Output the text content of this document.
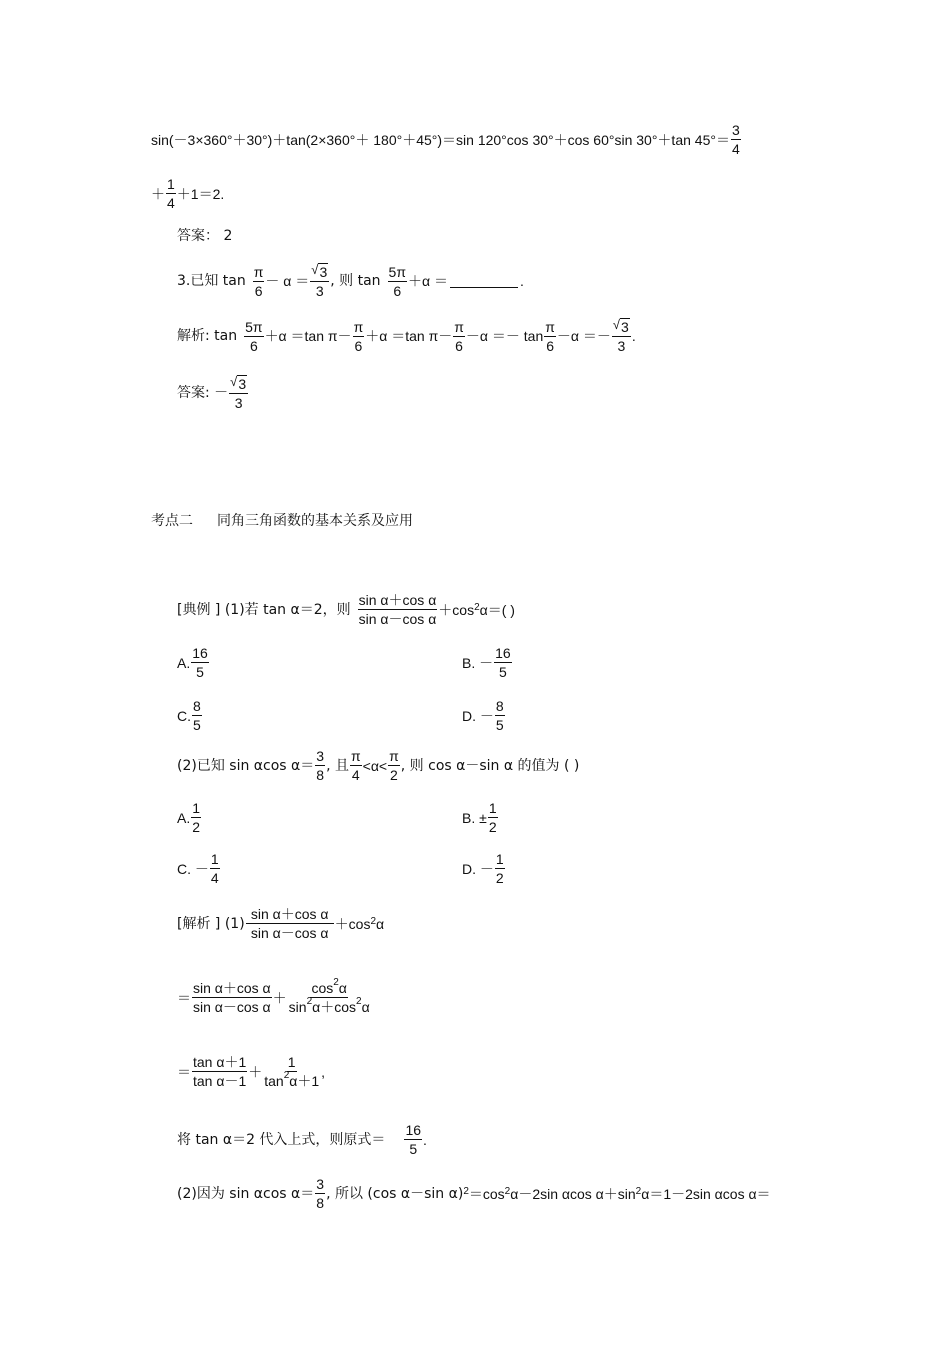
sin(－3×360°＋30°)＋tan(2×360°＋ 180°＋45°)＝sin 120°cos 30°＋cos 60°sin 30°＋tan $45^\circ= \frac{3}{4}$
＋ $\frac{1}{4} +1=2$.
答案： 2
3.已知 $\tan \frac{\pi}{6} - \alpha = \frac{√ 3}{3}$ , 则 $\tan \frac{5\pi}{6} +\alpha$ ＝	.
解析: $\tan \frac{5\pi}{6} +\alpha =\tan$ $\pi- \frac{\pi}{6} +\alpha =\tan$ $\pi- \frac{\pi}{6} -\alpha =- \tan \frac{\pi}{6} -\alpha =- \frac{√ 3}{3}$ .
答案: － $\frac{√ 3}{3}$
考点二 同角三角函数的基本关系及应用
[典例 ] (1)若 tan α＝2，则 $\frac{\text{sin α＋cos α}}{\text{sin α－cos α}} +\cos^2$ α＝( )
A. $\frac{16}{5}$	B. － $\frac{16}{5}$
C. $\frac{8}{5}$	D. － $\frac{8}{5}$
(2)已知 sin αcos $\alpha= \frac{3}{8}$ , 且 $\frac{\pi}{4} <\alpha< \frac{\pi}{2}$ , 则 cos α－sin α 的值为 ( )
A. $\frac{1}{2}$	B. ± $\frac{1}{2}$
C. － $\frac{1}{4}$	D. － $\frac{1}{2}$
[解析 ] $(1) \frac{\text{sin α＋cos α}}{\text{sin α－cos α}} +\cos^2$ α
＝ $\frac{\text{sin α＋cos α}}{\text{sin α－cos α}} + \frac{\cos^2\alpha}{\sin^2\alpha+\cos^2\alpha}$
＝ $\frac{\text{tan α＋1}}{\text{tan α－1}} + \frac{1}{\tan^2\alpha+1}$ ,
将 tan α＝2 代入上式，则原式＝ $\frac{16}{5}$ .
(2)因为 sin αcos $\alpha= \frac{3}{8}$ , 所以 (cos α－sin $\alpha)^2 =\cos^2$ α－2sin αcos $\alpha+\sin^2$ α＝1－2sin αcos α＝
